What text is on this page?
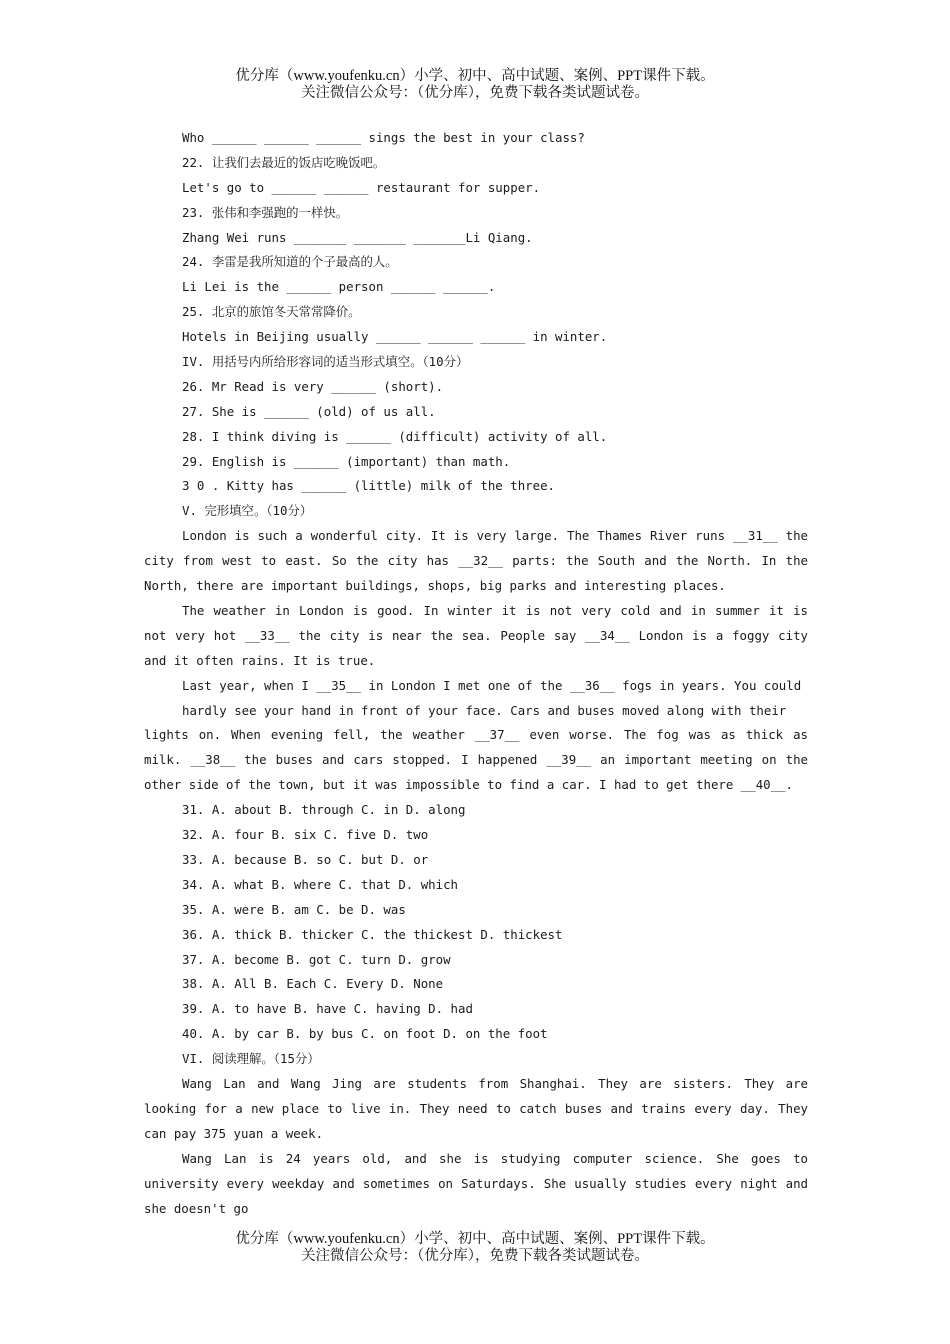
优分库（www.youfenku.cn）小学、初中、高中试题、案例、PPT课件下载。
关注微信公众号：（优分库），免费下载各类试题试卷。
Who ______ ______ ______ sings the best in your class?
22. 让我们去最近的饭店吃晚饭吧。
Let's go to ______ ______ restaurant for supper.
23. 张伟和李强跑的一样快。
Zhang Wei runs _______ _______ _______Li Qiang.
24. 李雷是我所知道的个子最高的人。
Li Lei is the ______ person ______ ______.
25. 北京的旅馆冬天常常降价。
Hotels in Beijing usually ______ ______ ______ in winter.
IV. 用括号内所给形容词的适当形式填空。（10分）
26. Mr Read is very ______ (short).
27. She is ______ (old) of us all.
28. I think diving is ______ (difficult) activity of all.
29. English is ______ (important) than math.
3 0 . Kitty has ______ (little) milk of the three.
V. 完形填空。（10分）
London is such a wonderful city. It is very large. The Thames River runs __31__ the city from west to east. So the city has __32__ parts: the South and the North. In the North, there are important buildings, shops, big parks and interesting places.
The weather in London is good. In winter it is not very cold and in summer it is not very hot __33__ the city is near the sea. People say __34__ London is a foggy city and it often rains. It is true.
Last year, when I __35__ in London I met one of the __36__ fogs in years. You could
hardly see your hand in front of your face. Cars and buses moved along with their
lights on. When evening fell, the weather __37__ even worse. The fog was as thick as milk. __38__ the buses and cars stopped. I happened __39__ an important meeting on the other side of the town, but it was impossible to find a car. I had to get there __40__.
31. A. about B. through C. in D. along
32. A. four B. six C. five D. two
33. A. because B. so C. but D. or
34. A. what B. where C. that D. which
35. A. were B. am C. be D. was
36. A. thick B. thicker C. the thickest D. thickest
37. A. become B. got C. turn D. grow
38. A. All B. Each C. Every D. None
39. A. to have B. have C. having D. had
40. A. by car B. by bus C. on foot D. on the foot
VI. 阅读理解。（15分）
Wang Lan and Wang Jing are students from Shanghai. They are sisters. They are looking for a new place to live in. They need to catch buses and trains every day. They can pay 375 yuan a week.
Wang Lan is 24 years old, and she is studying computer science. She goes to university every weekday and sometimes on Saturdays. She usually studies every night and she doesn't go
优分库（www.youfenku.cn）小学、初中、高中试题、案例、PPT课件下载。
关注微信公众号：（优分库），免费下载各类试题试卷。
